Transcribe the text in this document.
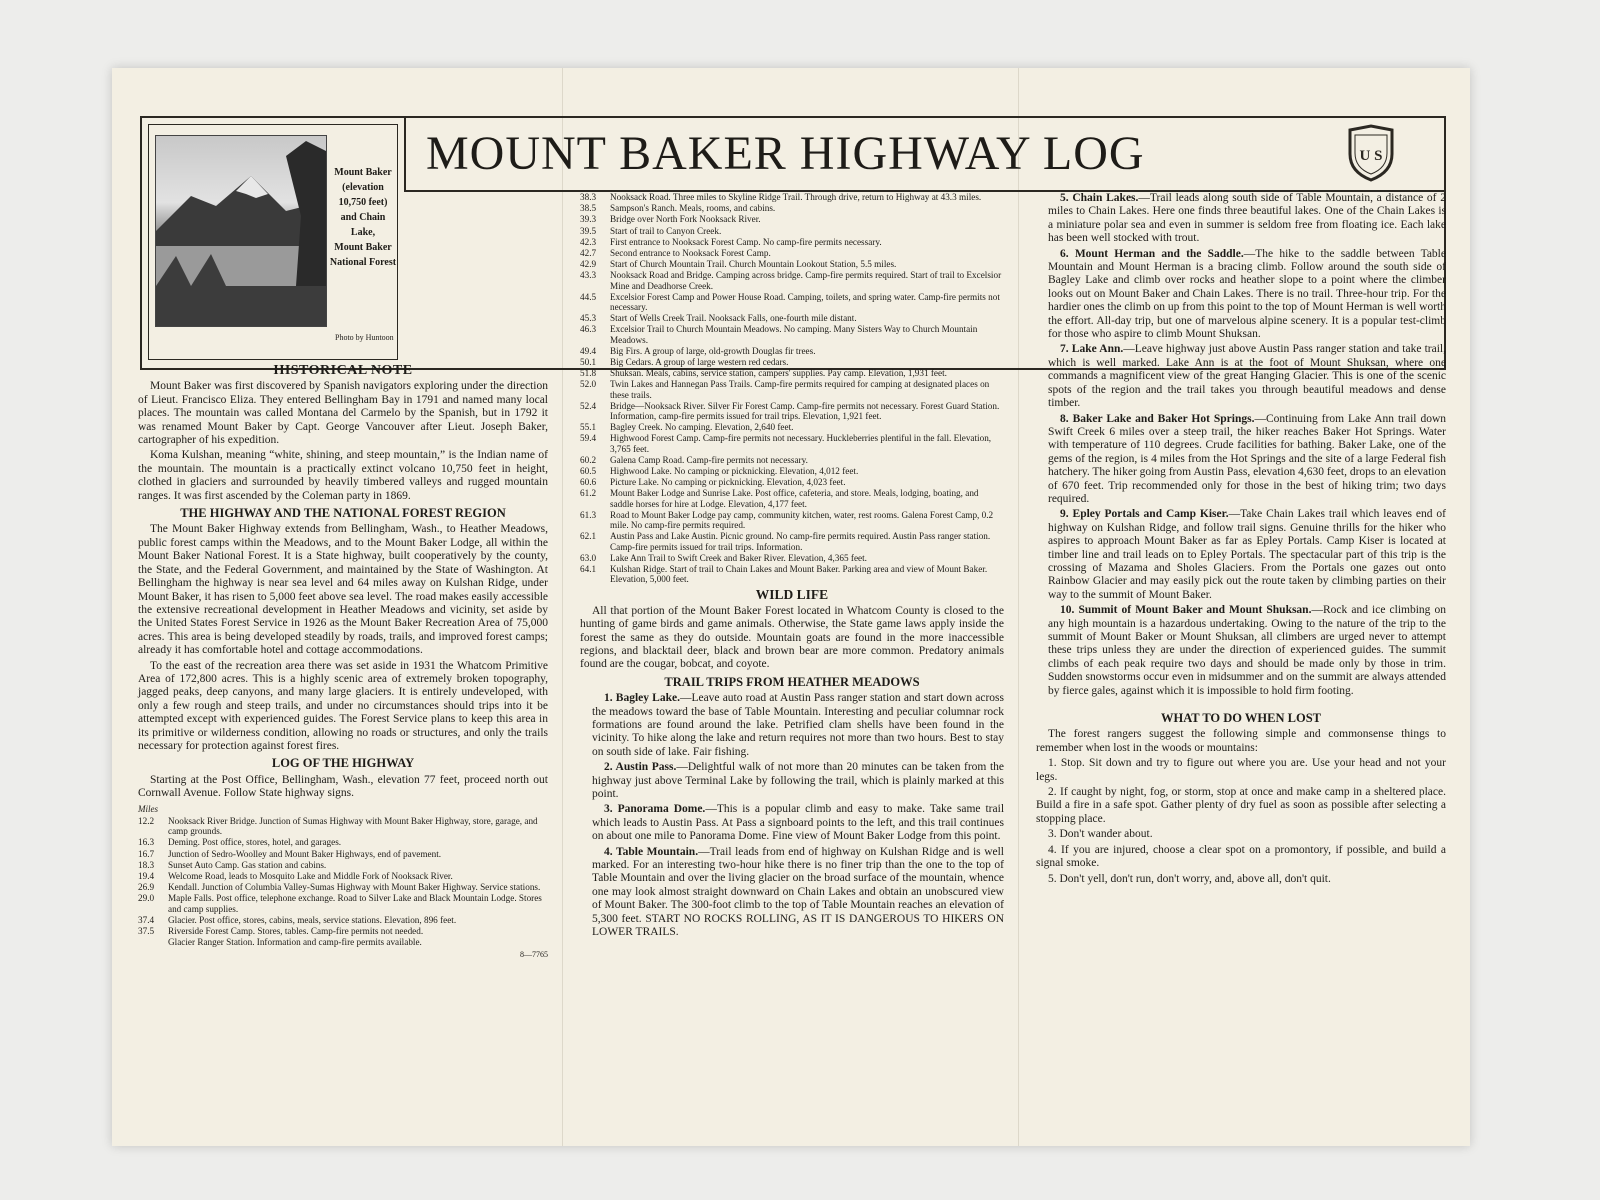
Mount Baker
(elevation 10,750 feet)
and Chain Lake,
Mount Baker
National Forest
Photo by Huntoon
MOUNT BAKER HIGHWAY LOG	U S
HISTORICAL NOTE

Mount Baker was first discovered by Spanish navigators exploring under the direction of Lieut. Francisco Eliza. They entered Bellingham Bay in 1791 and named many local places. The mountain was called Montana del Carmelo by the Spanish, but in 1792 it was renamed Mount Baker by Capt. George Vancouver after Lieut. Joseph Baker, cartographer of his expedition.

Koma Kulshan, meaning “white, shining, and steep mountain,” is the Indian name of the mountain. The mountain is a practically extinct volcano 10,750 feet in height, clothed in glaciers and surrounded by heavily timbered valleys and rugged mountain ranges. It was first ascended by the Coleman party in 1869.

THE HIGHWAY AND THE NATIONAL FOREST REGION

The Mount Baker Highway extends from Bellingham, Wash., to Heather Meadows, public forest camps within the Meadows, and to the Mount Baker Lodge, all within the Mount Baker National Forest. It is a State highway, built cooperatively by the county, the State, and the Federal Government, and maintained by the State of Washington. At Bellingham the highway is near sea level and 64 miles away on Kulshan Ridge, under Mount Baker, it has risen to 5,000 feet above sea level. The road makes easily accessible the extensive recreational development in Heather Meadows and vicinity, set aside by the United States Forest Service in 1926 as the Mount Baker Recreation Area of 75,000 acres. This area is being developed steadily by roads, trails, and improved forest camps; already it has comfortable hotel and cottage accommodations.

To the east of the recreation area there was set aside in 1931 the Whatcom Primitive Area of 172,800 acres. This is a highly scenic area of extremely broken topography, jagged peaks, deep canyons, and many large glaciers. It is entirely undeveloped, with only a few rough and steep trails, and under no circumstances should trips into it be attempted except with experienced guides. The Forest Service plans to keep this area in its primitive or wilderness condition, allowing no roads or structures, and only the trails necessary for protection against forest fires.

LOG OF THE HIGHWAY

Starting at the Post Office, Bellingham, Wash., elevation 77 feet, proceed north out Cornwall Avenue. Follow State highway signs.

Miles
12.2	Nooksack River Bridge. Junction of Sumas Highway with Mount Baker Highway, store, garage, and camp grounds.
16.3	Deming. Post office, stores, hotel, and garages.
16.7	Junction of Sedro-Woolley and Mount Baker Highways, end of pavement.
18.3	Sunset Auto Camp. Gas station and cabins.
19.4	Welcome Road, leads to Mosquito Lake and Middle Fork of Nooksack River.
26.9	Kendall. Junction of Columbia Valley-Sumas Highway with Mount Baker Highway. Service stations.
29.0	Maple Falls. Post office, telephone exchange. Road to Silver Lake and Black Mountain Lodge. Stores and camp supplies.
37.4	Glacier. Post office, stores, cabins, meals, service stations. Elevation, 896 feet.
37.5	Riverside Forest Camp. Stores, tables. Camp-fire permits not needed.
Glacier Ranger Station. Information and camp-fire permits available.
8—7765
38.3	Nooksack Road. Three miles to Skyline Ridge Trail. Through drive, return to Highway at 43.3 miles.
38.5	Sampson's Ranch. Meals, rooms, and cabins.
39.3	Bridge over North Fork Nooksack River.
39.5	Start of trail to Canyon Creek.
42.3	First entrance to Nooksack Forest Camp. No camp-fire permits necessary.
42.7	Second entrance to Nooksack Forest Camp.
42.9	Start of Church Mountain Trail. Church Mountain Lookout Station, 5.5 miles.
43.3	Nooksack Road and Bridge. Camping across bridge. Camp-fire permits required. Start of trail to Excelsior Mine and Deadhorse Creek.
44.5	Excelsior Forest Camp and Power House Road. Camping, toilets, and spring water. Camp-fire permits not necessary.
45.3	Start of Wells Creek Trail. Nooksack Falls, one-fourth mile distant.
46.3	Excelsior Trail to Church Mountain Meadows. No camping. Many Sisters Way to Church Mountain Meadows.
49.4	Big Firs. A group of large, old-growth Douglas fir trees.
50.1	Big Cedars. A group of large western red cedars.
51.8	Shuksan. Meals, cabins, service station, campers' supplies. Pay camp. Elevation, 1,931 feet.
52.0	Twin Lakes and Hannegan Pass Trails. Camp-fire permits required for camping at designated places on these trails.
52.4	Bridge—Nooksack River. Silver Fir Forest Camp. Camp-fire permits not necessary. Forest Guard Station. Information, camp-fire permits issued for trail trips. Elevation, 1,921 feet.
55.1	Bagley Creek. No camping. Elevation, 2,640 feet.
59.4	Highwood Forest Camp. Camp-fire permits not necessary. Huckleberries plentiful in the fall. Elevation, 3,765 feet.
60.2	Galena Camp Road. Camp-fire permits not necessary.
60.5	Highwood Lake. No camping or picknicking. Elevation, 4,012 feet.
60.6	Picture Lake. No camping or picknicking. Elevation, 4,023 feet.
61.2	Mount Baker Lodge and Sunrise Lake. Post office, cafeteria, and store. Meals, lodging, boating, and saddle horses for hire at Lodge. Elevation, 4,177 feet.
61.3	Road to Mount Baker Lodge pay camp, community kitchen, water, rest rooms. Galena Forest Camp, 0.2 mile. No camp-fire permits required.
62.1	Austin Pass and Lake Austin. Picnic ground. No camp-fire permits required. Austin Pass ranger station. Camp-fire permits issued for trail trips. Information.
63.0	Lake Ann Trail to Swift Creek and Baker River. Elevation, 4,365 feet.
64.1	Kulshan Ridge. Start of trail to Chain Lakes and Mount Baker. Parking area and view of Mount Baker. Elevation, 5,000 feet.
WILD LIFE

All that portion of the Mount Baker Forest located in Whatcom County is closed to the hunting of game birds and game animals. Otherwise, the State game laws apply inside the forest the same as they do outside. Mountain goats are found in the more inaccessible regions, and blacktail deer, black and brown bear are more common. Predatory animals found are the cougar, bobcat, and coyote.

TRAIL TRIPS FROM HEATHER MEADOWS

1. Bagley Lake.—Leave auto road at Austin Pass ranger station and start down across the meadows toward the base of Table Mountain. Interesting and peculiar columnar rock formations are found around the lake. Petrified clam shells have been found in the vicinity. To hike along the lake and return requires not more than two hours. Best to stay on south side of lake. Fair fishing.

2. Austin Pass.—Delightful walk of not more than 20 minutes can be taken from the highway just above Terminal Lake by following the trail, which is plainly marked at this point.

3. Panorama Dome.—This is a popular climb and easy to make. Take same trail which leads to Austin Pass. At Pass a signboard points to the left, and this trail continues on about one mile to Panorama Dome. Fine view of Mount Baker Lodge from this point.

4. Table Mountain.—Trail leads from end of highway on Kulshan Ridge and is well marked. For an interesting two-hour hike there is no finer trip than the one to the top of Table Mountain and over the living glacier on the broad surface of the mountain, whence one may look almost straight downward on Chain Lakes and obtain an unobscured view of Mount Baker. The 300-foot climb to the top of Table Mountain reaches an elevation of 5,300 feet. START NO ROCKS ROLLING, AS IT IS DANGEROUS TO HIKERS ON LOWER TRAILS.

5. Chain Lakes.—Trail leads along south side of Table Mountain, a distance of 2 miles to Chain Lakes. Here one finds three beautiful lakes. One of the Chain Lakes is a miniature polar sea and even in summer is seldom free from floating ice. Each lake has been well stocked with trout.

6. Mount Herman and the Saddle.—The hike to the saddle between Table Mountain and Mount Herman is a bracing climb. Follow around the south side of Bagley Lake and climb over rocks and heather slope to a point where the climber looks out on Mount Baker and Chain Lakes. There is no trail. Three-hour trip. For the hardier ones the climb on up from this point to the top of Mount Herman is well worth the effort. All-day trip, but one of marvelous alpine scenery. It is a popular test-climb for those who aspire to climb Mount Shuksan.

7. Lake Ann.—Leave highway just above Austin Pass ranger station and take trail, which is well marked. Lake Ann is at the foot of Mount Shuksan, where one commands a magnificent view of the great Hanging Glacier. This is one of the scenic spots of the region and the trail takes you through beautiful meadows and dense timber.

8. Baker Lake and Baker Hot Springs.—Continuing from Lake Ann trail down Swift Creek 6 miles over a steep trail, the hiker reaches Baker Hot Springs. Water with temperature of 110 degrees. Crude facilities for bathing. Baker Lake, one of the gems of the region, is 4 miles from the Hot Springs and the site of a large Federal fish hatchery. The hiker going from Austin Pass, elevation 4,630 feet, drops to an elevation of 670 feet. Trip recommended only for those in the best of hiking trim; two days required.

9. Epley Portals and Camp Kiser.—Take Chain Lakes trail which leaves end of highway on Kulshan Ridge, and follow trail signs. Genuine thrills for the hiker who aspires to approach Mount Baker as far as Epley Portals. Camp Kiser is located at timber line and trail leads on to Epley Portals. The spectacular part of this trip is the crossing of Mazama and Sholes Glaciers. From the Portals one gazes out onto Rainbow Glacier and may easily pick out the route taken by climbing parties on their way to the summit of Mount Baker.

10. Summit of Mount Baker and Mount Shuksan.—Rock and ice climbing on any high mountain is a hazardous undertaking. Owing to the nature of the trip to the summit of Mount Baker or Mount Shuksan, all climbers are urged never to attempt these trips unless they are under the direction of experienced guides. The summit climbs of each peak require two days and should be made only by those in trim. Sudden snowstorms occur even in midsummer and on the summit are always attended by fierce gales, against which it is impossible to hold firm footing.

WHAT TO DO WHEN LOST

The forest rangers suggest the following simple and commonsense things to remember when lost in the woods or mountains:

1. Stop. Sit down and try to figure out where you are. Use your head and not your legs.

2. If caught by night, fog, or storm, stop at once and make camp in a sheltered place. Build a fire in a safe spot. Gather plenty of dry fuel as soon as possible after selecting a stopping place.

3. Don't wander about.

4. If you are injured, choose a clear spot on a promontory, if possible, and build a signal smoke.

5. Don't yell, don't run, don't worry, and, above all, don't quit.
